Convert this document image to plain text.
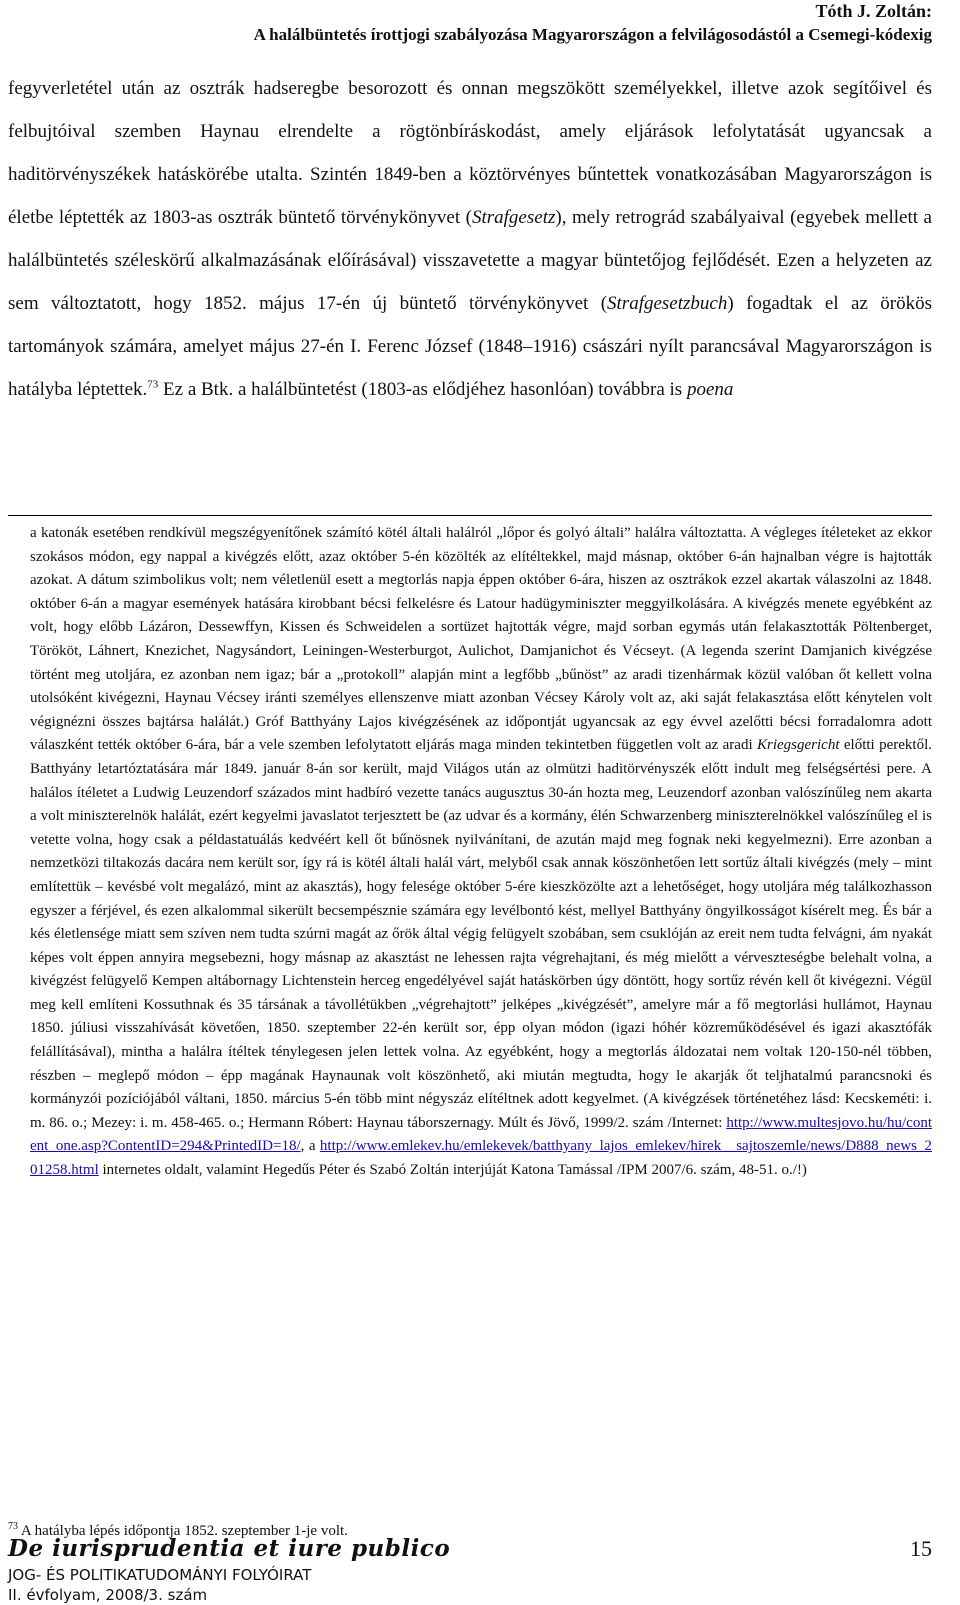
Tóth J. Zoltán:
A halálbüntetés írottjogi szabályozása Magyarországon a felvilágosodástól a Csemegi-kódexig
fegyverletétel után az osztrák hadseregbe besorozott és onnan megszökött személyekkel, illetve azok segítőivel és felbujtóival szemben Haynau elrendelte a rögtönbíráskodást, amely eljárások lefolytatását ugyancsak a haditörvényszékek hatáskörébe utalta. Szintén 1849-ben a köztörvényes bűntettek vonatkozásában Magyarországon is életbe léptették az 1803-as osztrák büntető törvénykönyvet (Strafgesetz), mely retrográd szabályaival (egyebek mellett a halálbüntetés széleskörű alkalmazásának előírásával) visszavetette a magyar büntetőjog fejlődését. Ezen a helyzeten az sem változtatott, hogy 1852. május 17-én új büntető törvénykönyvet (Strafgesetzbuch) fogadtak el az örökös tartományok számára, amelyet május 27-én I. Ferenc József (1848–1916) császári nyílt parancsával Magyarországon is hatályba léptettek.$^{73}$ Ez a Btk. a halálbüntetést (1803-as elődjéhez hasonlóan) továbbra is poena
a katonák esetében rendkívül megszégyenítőnek számító kötél általi halálról „lőpor és golyó általi” halálra változtatta. A végleges ítéleteket az ekkor szokásos módon, egy nappal a kivégzés előtt, azaz október 5-én közölték az elítéltekkel, majd másnap, október 6-án hajnalban végre is hajtották azokat. A dátum szimbolikus volt; nem véletlenül esett a megtorlás napja éppen október 6-ára, hiszen az osztrákok ezzel akartak válaszolni az 1848. október 6-án a magyar események hatására kirobbant bécsi felkelésre és Latour hadügyminiszter meggyilkolására. A kivégzés menete egyébként az volt, hogy előbb Lázáron, Dessewffyn, Kissen és Schweidelen a sortüzet hajtották végre, majd sorban egymás után felakasztották Pöltenberget, Törököt, Láhnert, Knezichet, Nagysándort, Leiningen-Westerburgot, Aulichot, Damjanichot és Vécseyt. (A legenda szerint Damjanich kivégzése történt meg utoljára, ez azonban nem igaz; bár a „protokoll” alapján mint a legfőbb „bűnöst” az aradi tizenhármak közül valóban őt kellett volna utolsóként kivégezni, Haynau Vécsey iránti személyes ellenszenve miatt azonban Vécsey Károly volt az, aki saját felakasztása előtt kénytelen volt végignézni összes bajtársa halálát.) Gróf Batthyány Lajos kivégzésének az időpontját ugyancsak az egy évvel azelőtti bécsi forradalomra adott válaszként tették október 6-ára, bár a vele szemben lefolytatott eljárás maga minden tekintetben független volt az aradi Kriegsgericht előtti perektől. Batthyány letartóztatására már 1849. január 8-án sor került, majd Világos után az olmützi haditörvényszék előtt indult meg felségsértési pere. A halálos ítéletet a Ludwig Leuzendorf százados mint hadbíró vezette tanács augusztus 30-án hozta meg, Leuzendorf azonban valószínűleg nem akarta a volt miniszterelnök halálát, ezért kegyelmi javaslatot terjesztett be (az udvar és a kormány, élén Schwarzenberg miniszterelnökkel valószínűleg el is vetette volna, hogy csak a példastatuálás kedvéért kell őt bűnösnek nyilvánítani, de azután majd meg fognak neki kegyelmezni). Erre azonban a nemzetközi tiltakozás dacára nem került sor, így rá is kötél általi halál várt, melyből csak annak köszönhetően lett sortűz általi kivégzés (mely – mint említettük – kevésbé volt megalázó, mint az akasztás), hogy felesége október 5-ére kieszközölte azt a lehetőséget, hogy utoljára még találkozhasson egyszer a férjével, és ezen alkalommal sikerült becsempésznie számára egy levélbontó kést, mellyel Batthyány öngyilkosságot kísérelt meg. És bár a kés életlensége miatt sem szíven nem tudta szúrni magát az őrök által végig felügyelt szobában, sem csuklóján az ereit nem tudta felvágni, ám nyakát képes volt éppen annyira megsebezni, hogy másnap az akasztást ne lehessen rajta végrehajtani, és még mielőtt a vérveszteségbe belehalt volna, a kivégzést felügyelő Kempen altábornagy Lichtenstein herceg engedélyével saját hatáskörben úgy döntött, hogy sortűz révén kell őt kivégezni. Végül meg kell említeni Kossuthnak és 35 társának a távollétükben „végrehajtott” jelképes „kivégzését”, amelyre már a fő megtorlási hullámot, Haynau 1850. júliusi visszahívását követően, 1850. szeptember 22-én került sor, épp olyan módon (igazi hóhér közreműködésével és igazi akasztófák felállításával), mintha a halálra ítéltek ténylegesen jelen lettek volna. Az egyébként, hogy a megtorlás áldozatai nem voltak 120-150-nél többen, részben – meglepő módon – épp magának Haynaunak volt köszönhető, aki miután megtudta, hogy le akarják őt teljhatalmú parancsnoki és kormányzói pozíciójából váltani, 1850. március 5-én több mint négyszáz elítéltnek adott kegyelmet. (A kivégzések történetéhez lásd: Kecskeméti: i. m. 86. o.; Mezey: i. m. 458-465. o.; Hermann Róbert: Haynau táborszernagy. Múlt és Jövő, 1999/2. szám /Internet: http://www.multesjovo.hu/hu/content_one.asp?ContentID=294&PrintedID=18/, a http://www.emlekev.hu/emlekevek/batthyany_lajos_emlekev/hirek__sajtoszemle/news/D888_news_201258.html internetes oldalt, valamint Hegedűs Péter és Szabó Zoltán interjúját Katona Tamással /IPM 2007/6. szám, 48-51. o./!)
$^{73}$ A hatályba lépés időpontja 1852. szeptember 1-je volt.
De iurisprudentia et iure publico	15
JOG- ÉS POLITIKATUDOMÁNYI FOLYÓIRAT
II. évfolyam, 2008/3. szám
